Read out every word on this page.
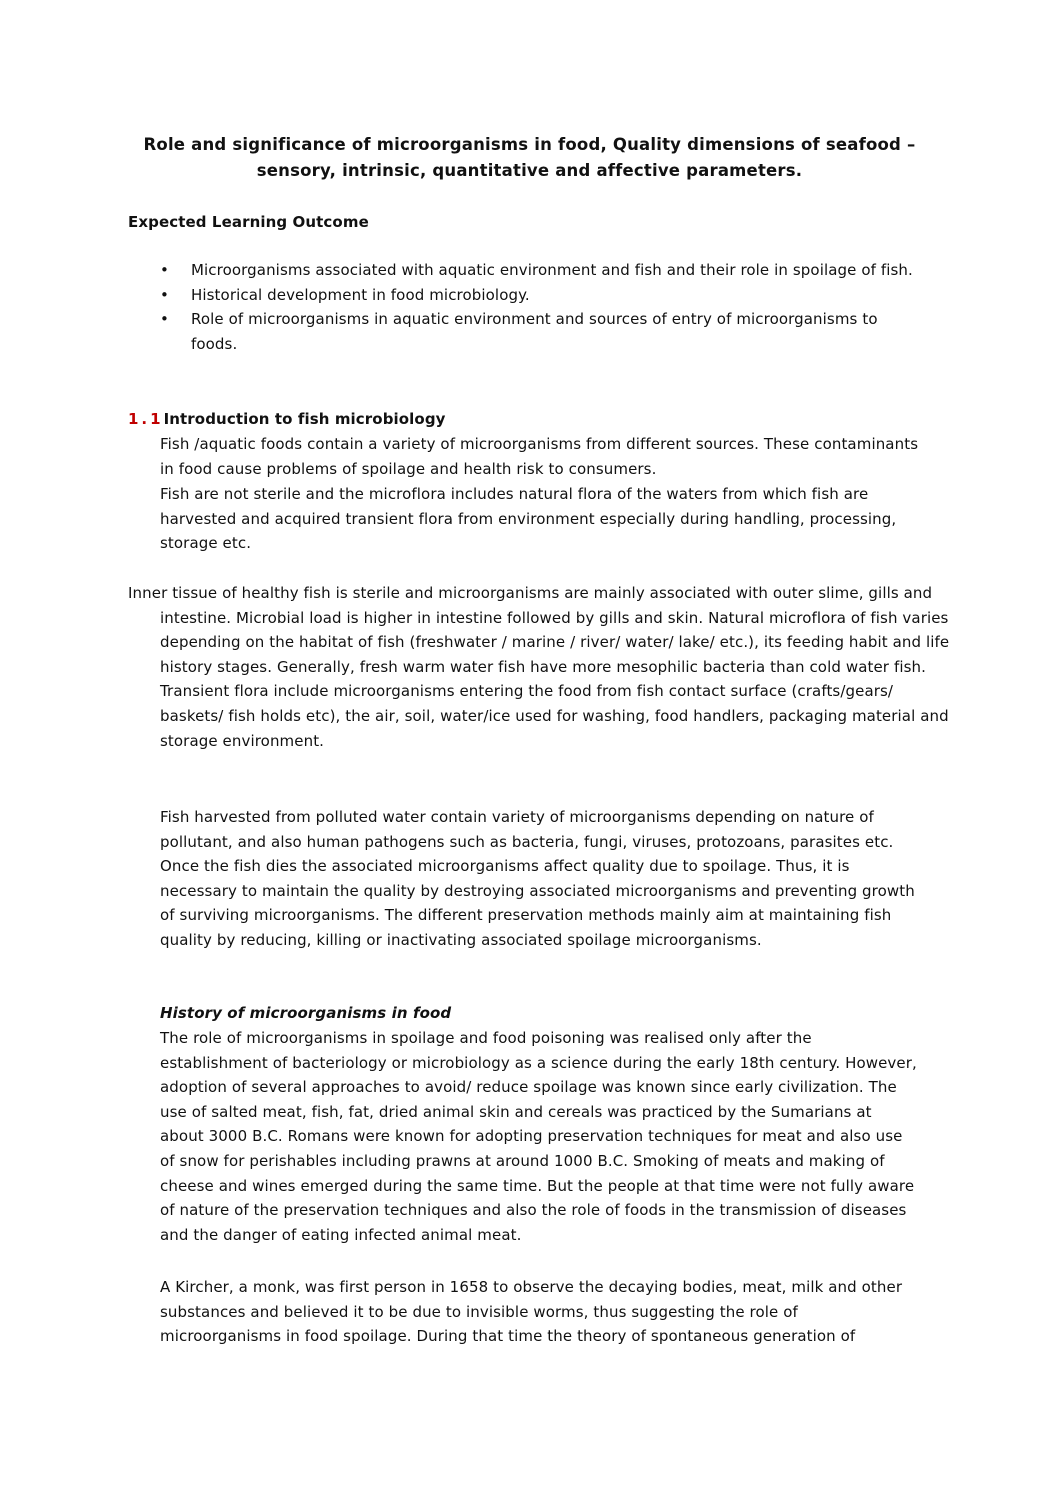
Role and significance of microorganisms in food, Quality dimensions of seafood – sensory, intrinsic, quantitative and affective parameters.
Expected Learning Outcome
• Microorganisms associated with aquatic environment and fish and their role in spoilage of fish.
• Historical development in food microbiology.
• Role of microorganisms in aquatic environment and sources of entry of microorganisms to foods.
1.1Introduction to fish microbiology

Fish /aquatic foods contain a variety of microorganisms from different sources. These contaminants in food cause problems of spoilage and health risk to consumers.

Fish are not sterile and the microflora includes natural flora of the waters from which fish are harvested and acquired transient flora from environment especially during handling, processing, storage etc.

Inner tissue of healthy fish is sterile and microorganisms are mainly associated with outer slime, gills and intestine. Microbial load is higher in intestine followed by gills and skin. Natural microflora of fish varies depending on the habitat of fish (freshwater / marine / river/ water/ lake/ etc.), its feeding habit and life history stages. Generally, fresh warm water fish have more mesophilic bacteria than cold water fish. Transient flora include microorganisms entering the food from fish contact surface (crafts/gears/ baskets/ fish holds etc), the air, soil, water/ice used for washing, food handlers, packaging material and storage environment.

Fish harvested from polluted water contain variety of microorganisms depending on nature of pollutant, and also human pathogens such as bacteria, fungi, viruses, protozoans, parasites etc. Once the fish dies the associated microorganisms affect quality due to spoilage. Thus, it is necessary to maintain the quality by destroying associated microorganisms and preventing growth of surviving microorganisms. The different preservation methods mainly aim at maintaining fish quality by reducing, killing or inactivating associated spoilage microorganisms.

History of microorganisms in food

The role of microorganisms in spoilage and food poisoning was realised only after the establishment of bacteriology or microbiology as a science during the early 18th century. However, adoption of several approaches to avoid/ reduce spoilage was known since early civilization. The use of salted meat, fish, fat, dried animal skin and cereals was practiced by the Sumarians at about 3000 B.C. Romans were known for adopting preservation techniques for meat and also use of snow for perishables including prawns at around 1000 B.C. Smoking of meats and making of cheese and wines emerged during the same time. But the people at that time were not fully aware of nature of the preservation techniques and also the role of foods in the transmission of diseases and the danger of eating infected animal meat.

A Kircher, a monk, was first person in 1658 to observe the decaying bodies, meat, milk and other substances and believed it to be due to invisible worms, thus suggesting the role of microorganisms in food spoilage. During that time the theory of spontaneous generation of
